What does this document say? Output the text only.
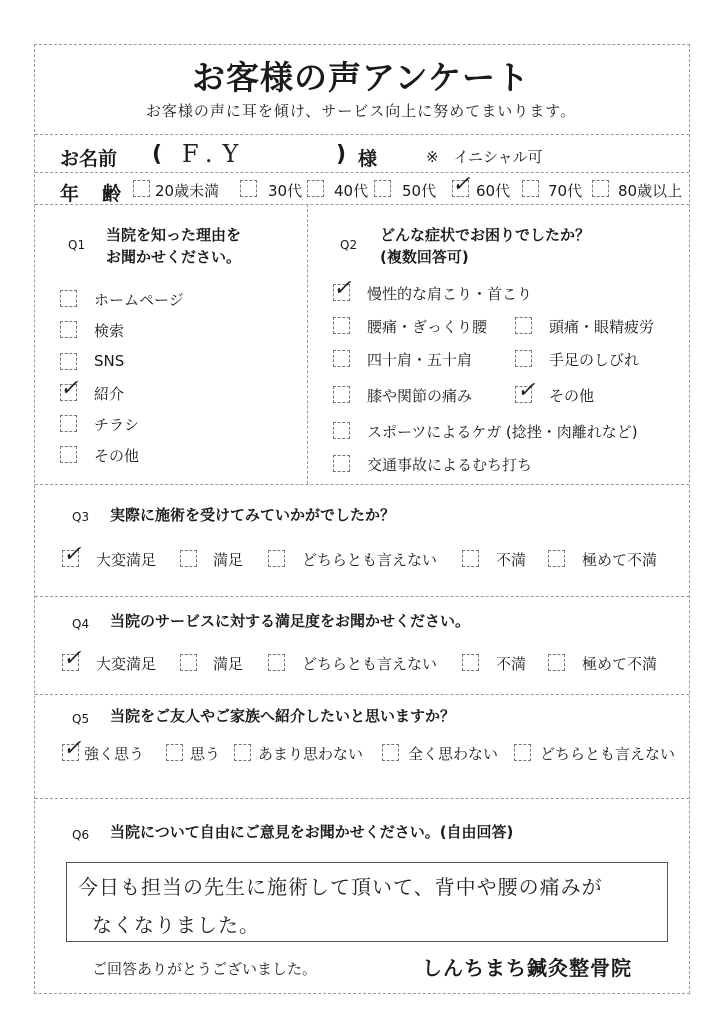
お客様の声アンケート
お客様の声に耳を傾け、サービス向上に努めてまいります。
お名前 ( F.Y	) 様	※　イニシャル可
年　齢 20歳未満	30代 40代 50代 ✓ 60代	70代 80歳以上
Q1
当院を知った理由を
お聞かせください。
ホームページ
検索
SNS
✓ 紹介
チラシ
その他
Q2
どんな症状でお困りでしたか？
(複数回答可)
✓ 慢性的な肩こり・首こり
腰痛・ぎっくり腰	頭痛・眼精疲労
四十肩・五十肩	手足のしびれ
膝や関節の痛み ✓ その他
スポーツによるケガ (捻挫・肉離れなど)
交通事故によるむち打ち
Q3 実際に施術を受けてみていかがでしたか？
✓ 大変満足	満足	どちらとも言えない	不満	極めて不満
Q4 当院のサービスに対する満足度をお聞かせください。
✓ 大変満足	満足	どちらとも言えない	不満	極めて不満
Q5 当院をご友人やご家族へ紹介したいと思いますか？
✓ 強く思う	思う	あまり思わない	全く思わない	どちらとも言えない
Q6 当院について自由にご意見をお聞かせください。(自由回答)
今日も担当の先生に施術して頂いて、背中や腰の痛みが
なくなりました。
ご回答ありがとうございました。	しんちまち鍼灸整骨院
